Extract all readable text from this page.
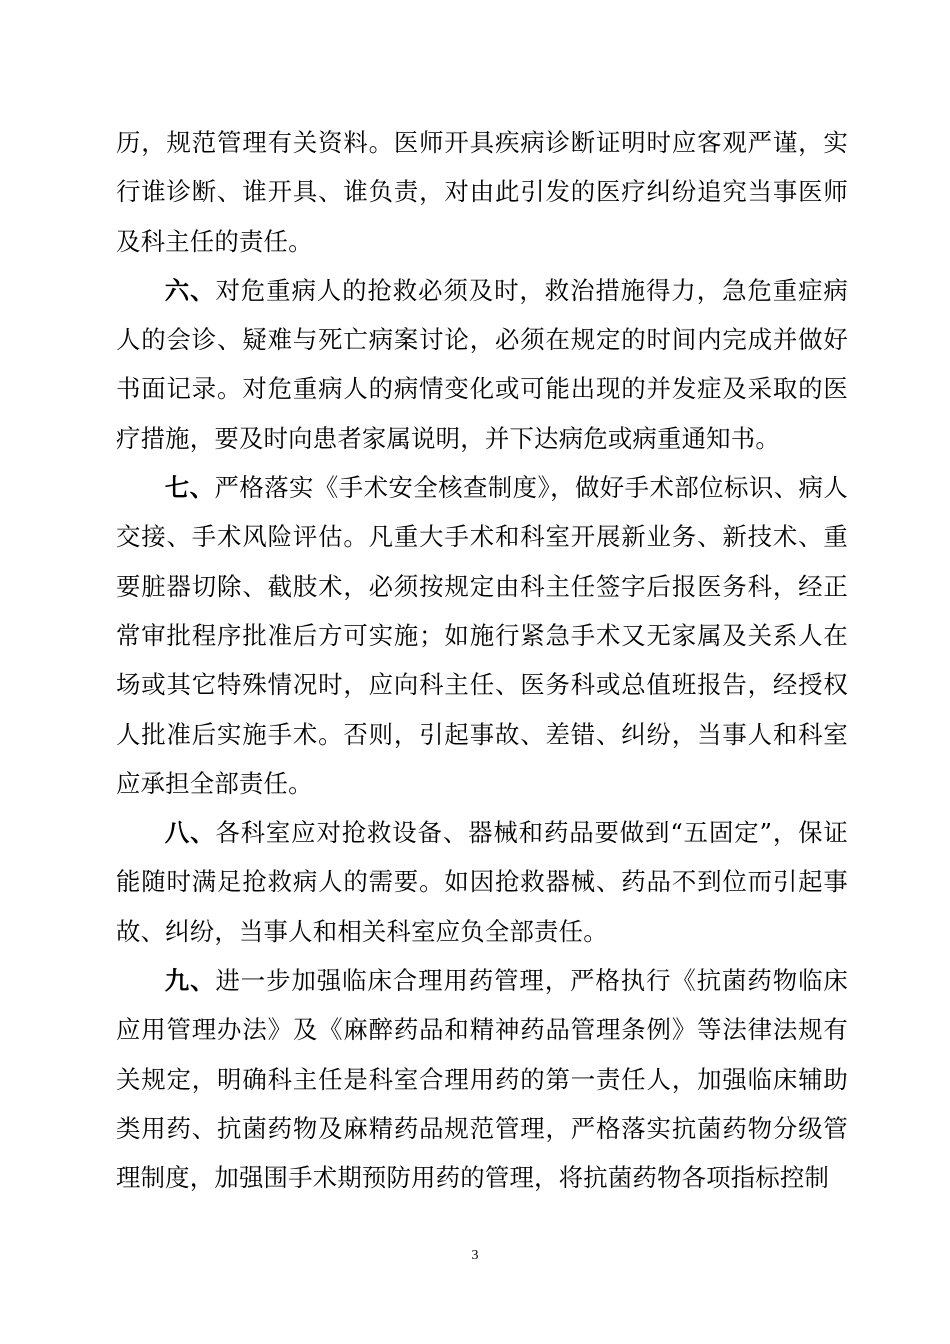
历，规范管理有关资料。医师开具疾病诊断证明时应客观严谨，实行谁诊断、谁开具、谁负责，对由此引发的医疗纠纷追究当事医师及科主任的责任。

六、对危重病人的抢救必须及时，救治措施得力，急危重症病人的会诊、疑难与死亡病案讨论，必须在规定的时间内完成并做好书面记录。对危重病人的病情变化或可能出现的并发症及采取的医疗措施，要及时向患者家属说明，并下达病危或病重通知书。

七、严格落实《手术安全核查制度》，做好手术部位标识、病人交接、手术风险评估。凡重大手术和科室开展新业务、新技术、重要脏器切除、截肢术，必须按规定由科主任签字后报医务科，经正常审批程序批准后方可实施；如施行紧急手术又无家属及关系人在场或其它特殊情况时，应向科主任、医务科或总值班报告，经授权人批准后实施手术。否则，引起事故、差错、纠纷，当事人和科室应承担全部责任。

八、各科室应对抢救设备、器械和药品要做到“五固定”，保证能随时满足抢救病人的需要。如因抢救器械、药品不到位而引起事故、纠纷，当事人和相关科室应负全部责任。

九、进一步加强临床合理用药管理，严格执行《抗菌药物临床应用管理办法》及《麻醉药品和精神药品管理条例》等法律法规有关规定，明确科主任是科室合理用药的第一责任人，加强临床辅助类用药、抗菌药物及麻精药品规范管理，严格落实抗菌药物分级管理制度，加强围手术期预防用药的管理，将抗菌药物各项指标控制

3
